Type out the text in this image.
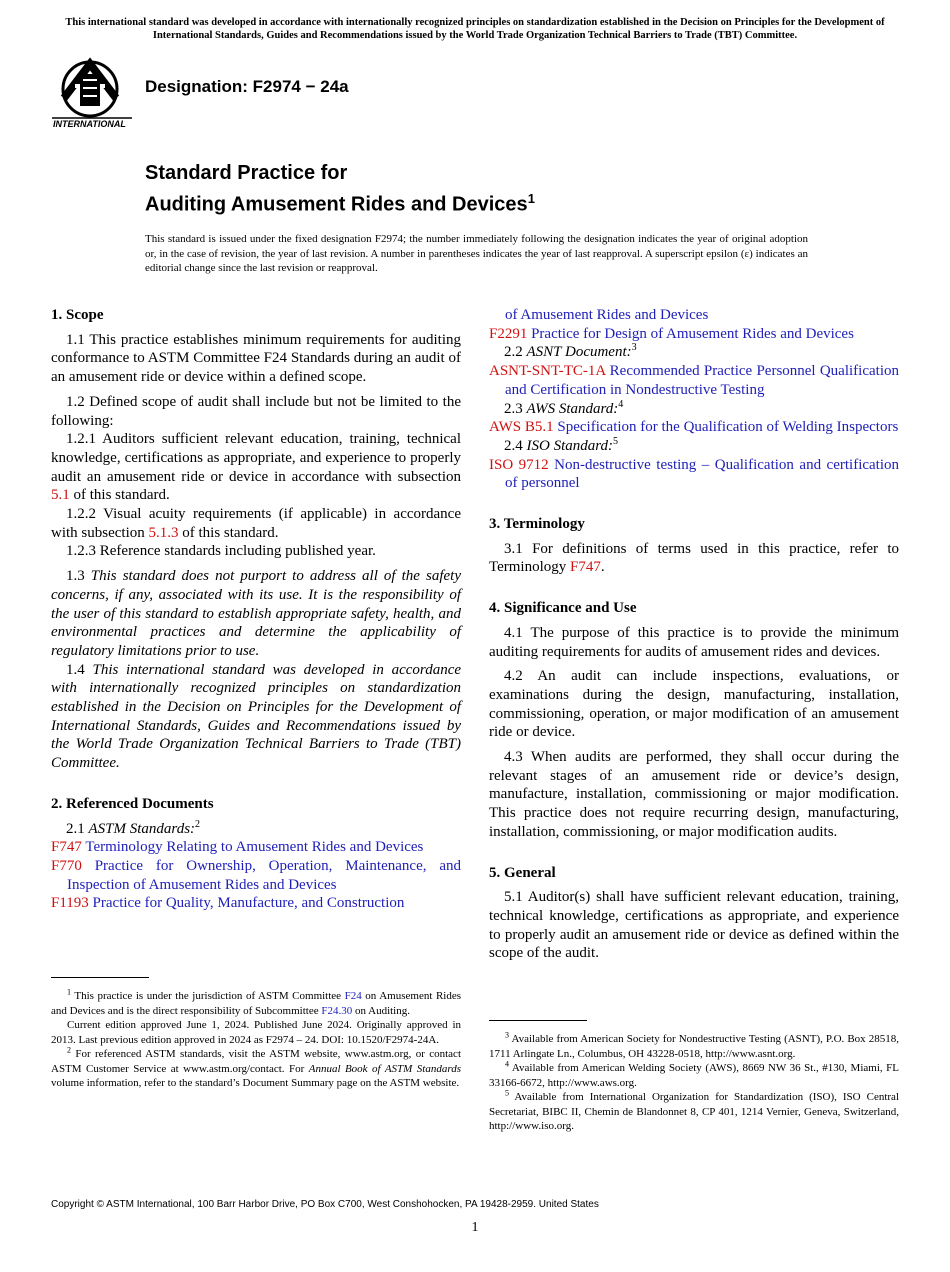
This international standard was developed in accordance with internationally recognized principles on standardization established in the Decision on Principles for the Development of International Standards, Guides and Recommendations issued by the World Trade Organization Technical Barriers to Trade (TBT) Committee.
INTERNATIONAL
Designation: F2974 − 24a
Standard Practice for
Auditing Amusement Rides and Devices$^1$
This standard is issued under the fixed designation F2974; the number immediately following the designation indicates the year of original adoption or, in the case of revision, the year of last revision. A number in parentheses indicates the year of last reapproval. A superscript epsilon (ε) indicates an editorial change since the last revision or reapproval.
1. Scope

1.1 This practice establishes minimum requirements for auditing conformance to ASTM Committee F24 Standards during an audit of an amusement ride or device within a defined scope.

1.2 Defined scope of audit shall include but not be limited to the following:

1.2.1 Auditors sufficient relevant education, training, technical knowledge, certifications as appropriate, and experience to properly audit an amusement ride or device in accordance with subsection 5.1 of this standard.

1.2.2 Visual acuity requirements (if applicable) in accordance with subsection 5.1.3 of this standard.

1.2.3 Reference standards including published year.

1.3 This standard does not purport to address all of the safety concerns, if any, associated with its use. It is the responsibility of the user of this standard to establish appropriate safety, health, and environmental practices and determine the applicability of regulatory limitations prior to use.

1.4 This international standard was developed in accordance with internationally recognized principles on standardization established in the Decision on Principles for the Development of International Standards, Guides and Recommendations issued by the World Trade Organization Technical Barriers to Trade (TBT) Committee.

2. Referenced Documents

2.1 ASTM Standards:$^2$

F747 Terminology Relating to Amusement Rides and Devices

F770 Practice for Ownership, Operation, Maintenance, and Inspection of Amusement Rides and Devices

F1193 Practice for Quality, Manufacture, and Construction

$^1$ This practice is under the jurisdiction of ASTM Committee F24 on Amusement Rides and Devices and is the direct responsibility of Subcommittee F24.30 on Auditing.

Current edition approved June 1, 2024. Published June 2024. Originally approved in 2013. Last previous edition approved in 2024 as F2974 – 24. DOI: 10.1520/F2974-24A.

$^2$ For referenced ASTM standards, visit the ASTM website, www.astm.org, or contact ASTM Customer Service at www.astm.org/contact. For Annual Book of ASTM Standards volume information, refer to the standard’s Document Summary page on the ASTM website.

of Amusement Rides and Devices

F2291 Practice for Design of Amusement Rides and Devices

2.2 ASNT Document:$^3$

ASNT-SNT-TC-1A Recommended Practice Personnel Qualification and Certification in Nondestructive Testing

2.3 AWS Standard:$^4$

AWS B5.1 Specification for the Qualification of Welding Inspectors

2.4 ISO Standard:$^5$

ISO 9712 Non-destructive testing – Qualification and certification of personnel

3. Terminology

3.1 For definitions of terms used in this practice, refer to Terminology F747.

4. Significance and Use

4.1 The purpose of this practice is to provide the minimum auditing requirements for audits of amusement rides and devices.

4.2 An audit can include inspections, evaluations, or examinations during the design, manufacturing, installation, commissioning, operation, or major modification of an amusement ride or device.

4.3 When audits are performed, they shall occur during the relevant stages of an amusement ride or device’s design, manufacture, installation, commissioning or major modification. This practice does not require recurring design, manufacturing, installation, commissioning, or major modification audits.

5. General

5.1 Auditor(s) shall have sufficient relevant education, training, technical knowledge, certifications as appropriate, and experience to properly audit an amusement ride or device as defined within the scope of the audit.

$^3$ Available from American Society for Nondestructive Testing (ASNT), P.O. Box 28518, 1711 Arlingate Ln., Columbus, OH 43228-0518, http://www.asnt.org.

$^4$ Available from American Welding Society (AWS), 8669 NW 36 St., #130, Miami, FL 33166-6672, http://www.aws.org.

$^5$ Available from International Organization for Standardization (ISO), ISO Central Secretariat, BIBC II, Chemin de Blandonnet 8, CP 401, 1214 Vernier, Geneva, Switzerland, http://www.iso.org.

Copyright © ASTM International, 100 Barr Harbor Drive, PO Box C700, West Conshohocken, PA 19428-2959. United States
1
